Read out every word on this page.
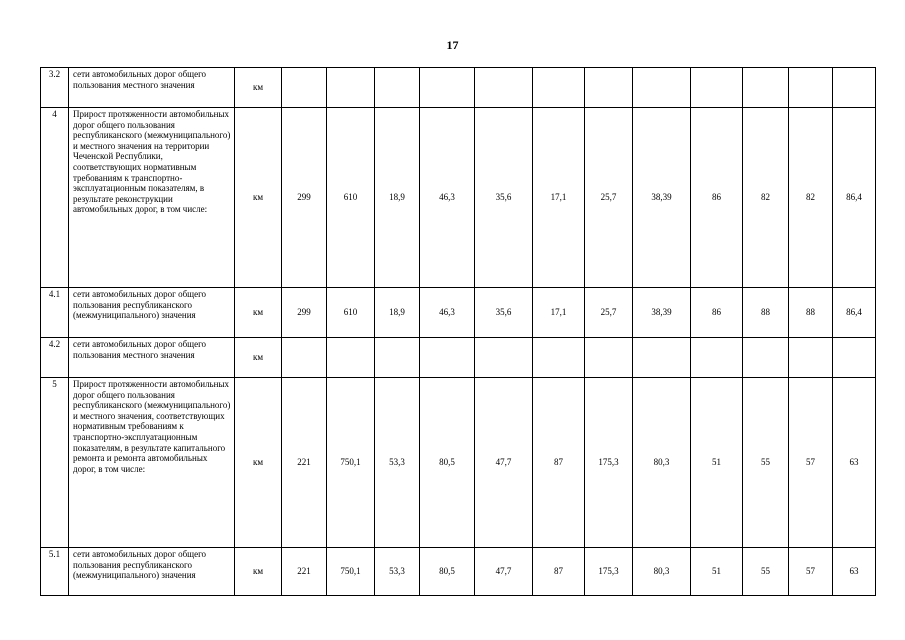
17
3.2	сети автомобильных дорог общего пользования местного значения	км												
4	Прирост протяженности автомобильных дорог общего пользования республиканского (межмуниципального) и местного значения на территории Чеченской Республики, соответствующих нормативным требованиям к транспортно-эксплуатационным показателям, в результате реконструкции автомобильных дорог, в том числе:	км	299	610	18,9	46,3	35,6	17,1	25,7	38,39	86	82	82	86,4
4.1	сети автомобильных дорог общего пользования республиканского (межмуниципального) значения	км	299	610	18,9	46,3	35,6	17,1	25,7	38,39	86	88	88	86,4
4.2	сети автомобильных дорог общего пользования местного значения	км												
5	Прирост протяженности автомобильных дорог общего пользования республиканского (межмуниципального) и местного значения, соответствующих нормативным требованиям к транспортно-эксплуатационным показателям, в результате капитального ремонта и ремонта автомобильных дорог, в том числе:	км	221	750,1	53,3	80,5	47,7	87	175,3	80,3	51	55	57	63
5.1	сети автомобильных дорог общего пользования республиканского (межмуниципального) значения	км	221	750,1	53,3	80,5	47,7	87	175,3	80,3	51	55	57	63
